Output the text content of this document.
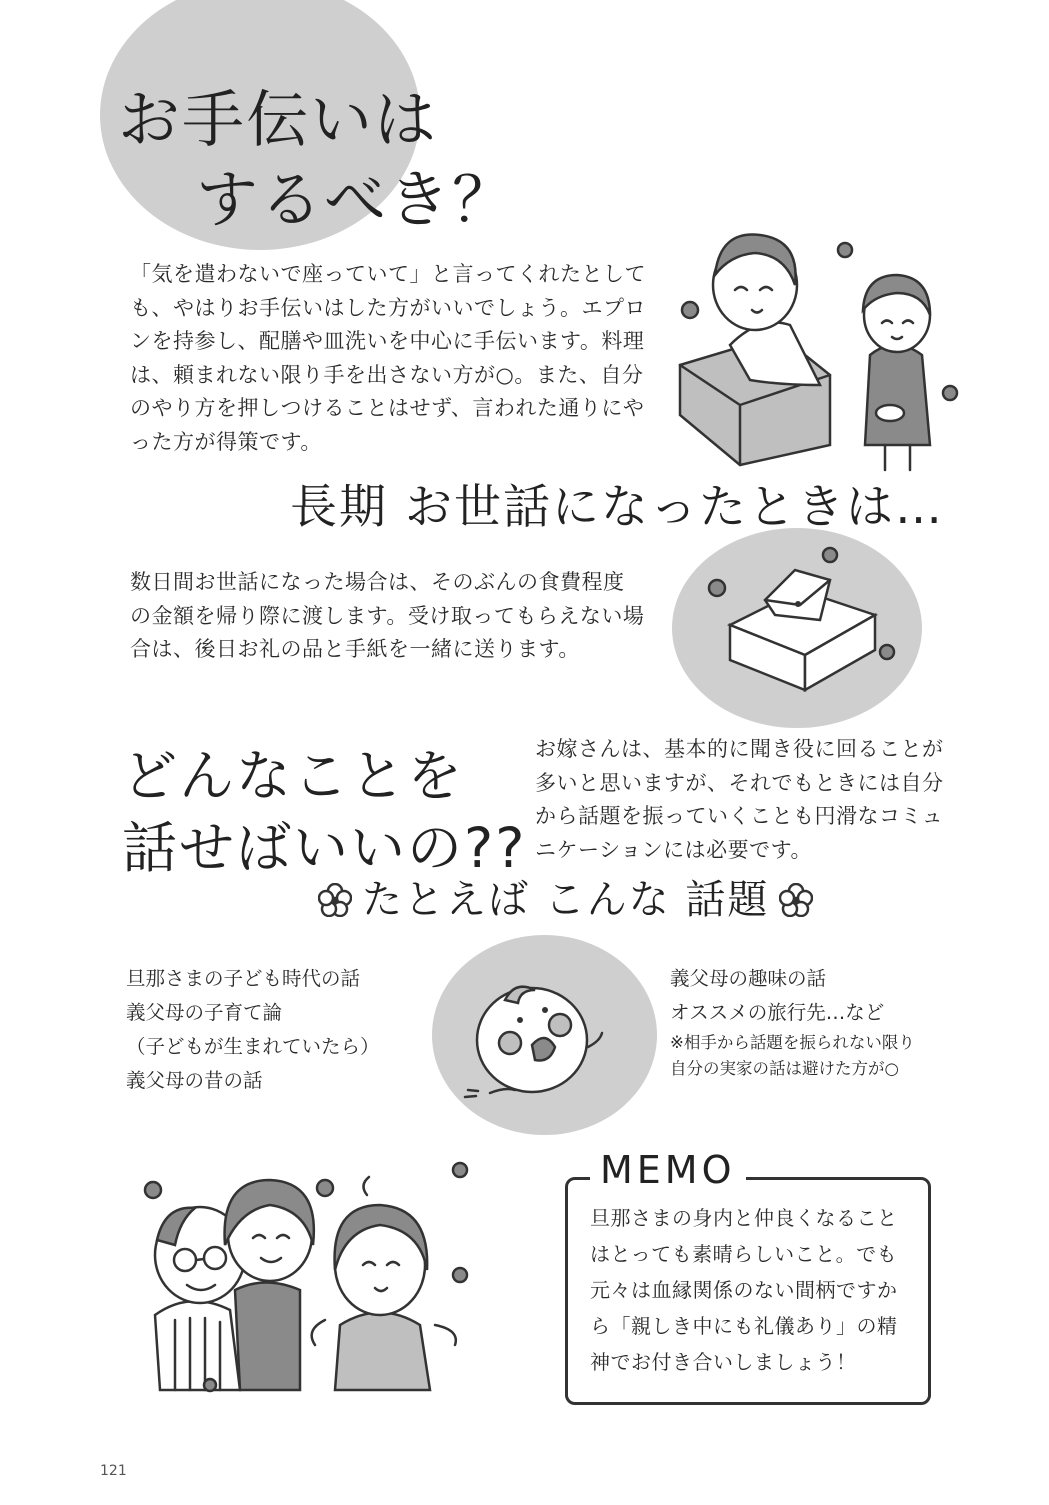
お手伝いは
するべき？
「気を遣わないで座っていて」と言ってくれたとしても、やはりお手伝いはした方がいいでしょう。エプロンを持参し、配膳や皿洗いを中心に手伝います。料理は、頼まれない限り手を出さない方が○。また、自分のやり方を押しつけることはせず、言われた通りにやった方が得策です。
長期 お世話になったときは…
数日間お世話になった場合は、そのぶんの食費程度の金額を帰り際に渡します。受け取ってもらえない場合は、後日お礼の品と手紙を一緒に送ります。
どんなことを
話せばいいの??
お嫁さんは、基本的に聞き役に回ることが多いと思いますが、それでもときには自分から話題を振っていくことも円滑なコミュニケーションには必要です。
たとえば こんな 話題
旦那さまの子ども時代の話
義父母の子育て論
（子どもが生まれていたら）
義父母の昔の話
義父母の趣味の話
オススメの旅行先…など
※相手から話題を振られない限り
自分の実家の話は避けた方が○
MEMO
旦那さまの身内と仲良くなることはとっても素晴らしいこと。でも元々は血縁関係のない間柄ですから「親しき中にも礼儀あり」の精神でお付き合いしましょう！
121
